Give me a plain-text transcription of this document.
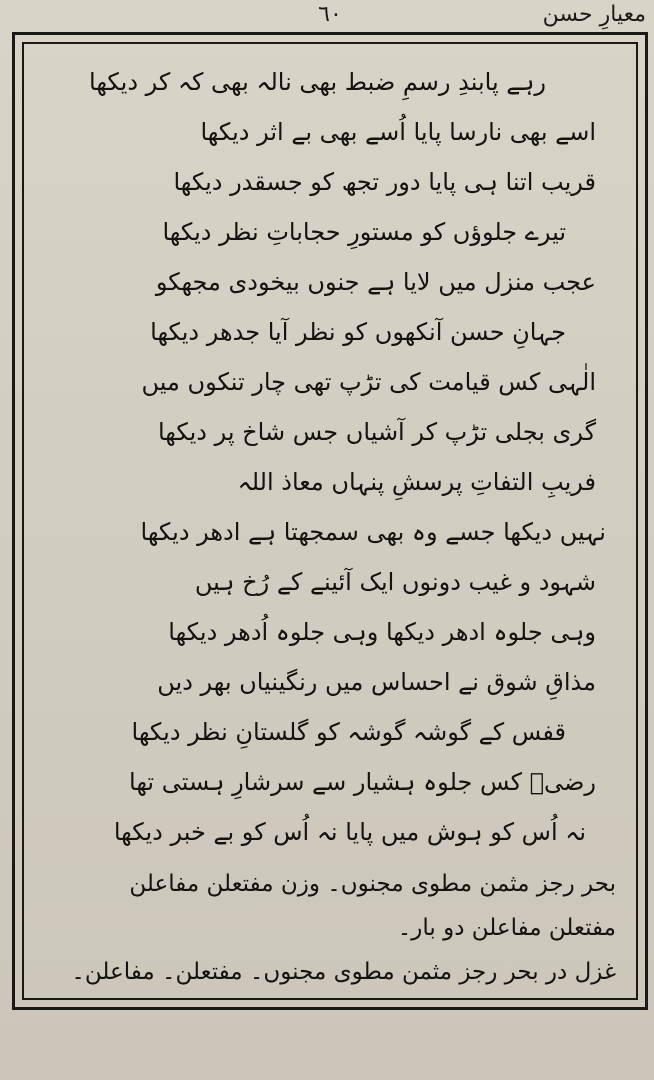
٦٠	معیارِ حسن
رہے پابندِ رسمِ ضبط بھی نالہ بھی کہ کر دیکھا
اسے بھی نارسا پایا اُسے بھی بے اثر دیکھا
قریب اتنا ہی پایا دور تجھ کو جسقدر دیکھا
تیرے جلوؤں کو مستورِ حجاباتِ نظر دیکھا
عجب منزل میں لایا ہے جنوں بیخودی مجھکو
جہانِ حسن آنکھوں کو نظر آیا جدھر دیکھا
الٰہی کس قیامت کی تڑپ تھی چار تنکوں میں
گری بجلی تڑپ کر آشیاں جس شاخ پر دیکھا
فریبِ التفاتِ پرسشِ پنہاں معاذ اللہ
نہیں دیکھا جسے وہ بھی سمجھتا ہے ادھر دیکھا
شہود و غیب دونوں ایک آئینے کے رُخ ہیں
وہی جلوہ ادھر دیکھا وہی جلوہ اُدھر دیکھا
مذاقِ شوق نے احساس میں رنگینیاں بھر دیں
قفس کے گوشہ گوشہ کو گلستانِ نظر دیکھا
رضیؔ کس جلوہ ہشیار سے سرشارِ ہستی تھا
نہ اُس کو ہوش میں پایا نہ اُس کو بے خبر دیکھا
بحر رجز مثمن مطوی مجنوں۔ وزن مفتعلن مفاعلن
مفتعلن مفاعلن دو بار۔
غزل در بحر رجز مثمن مطوی مجنوں۔ مفتعلن۔ مفاعلن۔
